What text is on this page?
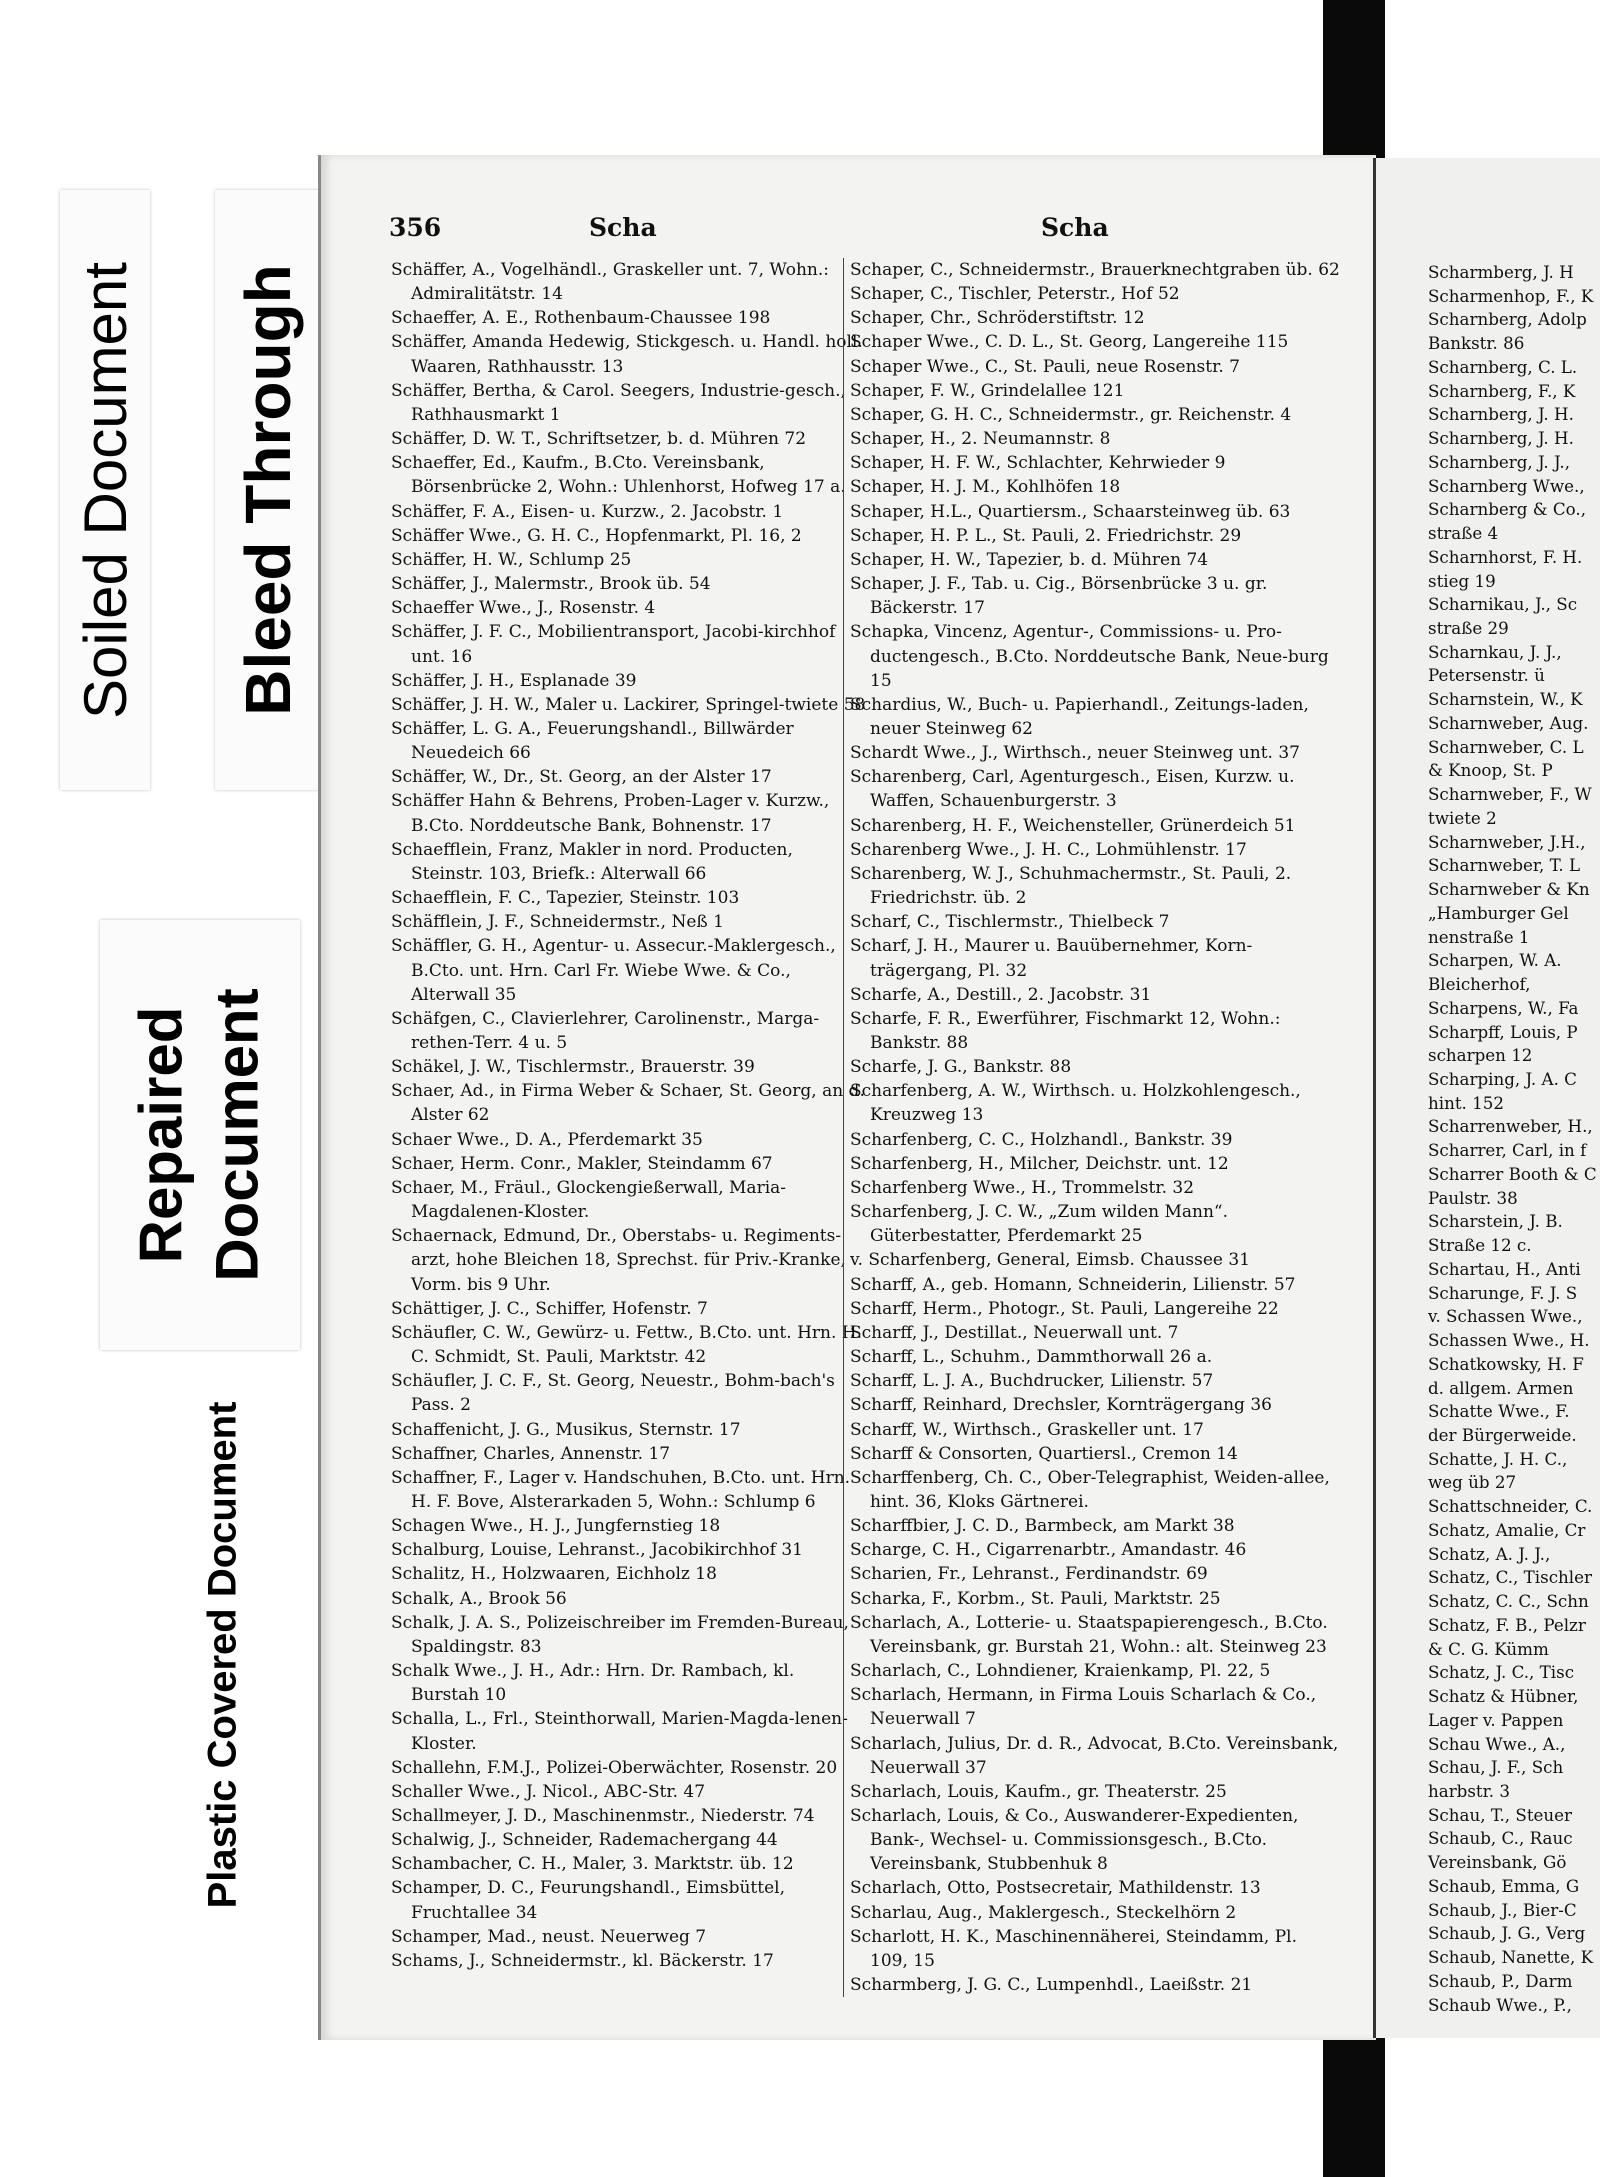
Soiled Document Bleed Through
Repaired Document
Plastic Covered Document
356	Scha	Scha
Schäffer, A., Vogelhändl., Graskeller unt. 7, Wohn.: Admiralitätstr. 14
Schaeffer, A. E., Rothenbaum-Chaussee 198
Schäffer, Amanda Hedewig, Stickgesch. u. Handl. holl. Waaren, Rathhausstr. 13
Schäffer, Bertha, & Carol. Seegers, Industrie-gesch., Rathhausmarkt 1
Schäffer, D. W. T., Schriftsetzer, b. d. Mühren 72
Schaeffer, Ed., Kaufm., B.Cto. Vereinsbank, Börsenbrücke 2, Wohn.: Uhlenhorst, Hofweg 17 a.
Schäffer, F. A., Eisen- u. Kurzw., 2. Jacobstr. 1
Schäffer Wwe., G. H. C., Hopfenmarkt, Pl. 16, 2
Schäffer, H. W., Schlump 25
Schäffer, J., Malermstr., Brook üb. 54
Schaeffer Wwe., J., Rosenstr. 4
Schäffer, J. F. C., Mobilientransport, Jacobi-kirchhof unt. 16
Schäffer, J. H., Esplanade 39
Schäffer, J. H. W., Maler u. Lackirer, Springel-twiete 58
Schäffer, L. G. A., Feuerungshandl., Billwärder Neuedeich 66
Schäffer, W., Dr., St. Georg, an der Alster 17
Schäffer Hahn & Behrens, Proben-Lager v. Kurzw., B.Cto. Norddeutsche Bank, Bohnenstr. 17
Schaefflein, Franz, Makler in nord. Producten, Steinstr. 103, Briefk.: Alterwall 66
Schaefflein, F. C., Tapezier, Steinstr. 103
Schäfflein, J. F., Schneidermstr., Neß 1
Schäffler, G. H., Agentur- u. Assecur.-Maklergesch., B.Cto. unt. Hrn. Carl Fr. Wiebe Wwe. & Co., Alterwall 35
Schäfgen, C., Clavierlehrer, Carolinenstr., Marga-rethen-Terr. 4 u. 5
Schäkel, J. W., Tischlermstr., Brauerstr. 39
Schaer, Ad., in Firma Weber & Schaer, St. Georg, an d. Alster 62
Schaer Wwe., D. A., Pferdemarkt 35
Schaer, Herm. Conr., Makler, Steindamm 67
Schaer, M., Fräul., Glockengießerwall, Maria-Magdalenen-Kloster.
Schaernack, Edmund, Dr., Oberstabs- u. Regiments-arzt, hohe Bleichen 18, Sprechst. für Priv.-Kranke, Vorm. bis 9 Uhr.
Schättiger, J. C., Schiffer, Hofenstr. 7
Schäufler, C. W., Gewürz- u. Fettw., B.Cto. unt. Hrn. H. C. Schmidt, St. Pauli, Marktstr. 42
Schäufler, J. C. F., St. Georg, Neuestr., Bohm-bach's Pass. 2
Schaffenicht, J. G., Musikus, Sternstr. 17
Schaffner, Charles, Annenstr. 17
Schaffner, F., Lager v. Handschuhen, B.Cto. unt. Hrn. H. F. Bove, Alsterarkaden 5, Wohn.: Schlump 6
Schagen Wwe., H. J., Jungfernstieg 18
Schalburg, Louise, Lehranst., Jacobikirchhof 31
Schalitz, H., Holzwaaren, Eichholz 18
Schalk, A., Brook 56
Schalk, J. A. S., Polizeischreiber im Fremden-Bureau, Spaldingstr. 83
Schalk Wwe., J. H., Adr.: Hrn. Dr. Rambach, kl. Burstah 10
Schalla, L., Frl., Steinthorwall, Marien-Magda-lenen-Kloster.
Schallehn, F.M.J., Polizei-Oberwächter, Rosenstr. 20
Schaller Wwe., J. Nicol., ABC-Str. 47
Schallmeyer, J. D., Maschinenmstr., Niederstr. 74
Schalwig, J., Schneider, Rademachergang 44
Schambacher, C. H., Maler, 3. Marktstr. üb. 12
Schamper, D. C., Feurungshandl., Eimsbüttel, Fruchtallee 34
Schamper, Mad., neust. Neuerweg 7
Schams, J., Schneidermstr., kl. Bäckerstr. 17
Schaper, C., Schneidermstr., Brauerknechtgraben üb. 62
Schaper, C., Tischler, Peterstr., Hof 52
Schaper, Chr., Schröderstiftstr. 12
Schaper Wwe., C. D. L., St. Georg, Langereihe 115
Schaper Wwe., C., St. Pauli, neue Rosenstr. 7
Schaper, F. W., Grindelallee 121
Schaper, G. H. C., Schneidermstr., gr. Reichenstr. 4
Schaper, H., 2. Neumannstr. 8
Schaper, H. F. W., Schlachter, Kehrwieder 9
Schaper, H. J. M., Kohlhöfen 18
Schaper, H.L., Quartiersm., Schaarsteinweg üb. 63
Schaper, H. P. L., St. Pauli, 2. Friedrichstr. 29
Schaper, H. W., Tapezier, b. d. Mühren 74
Schaper, J. F., Tab. u. Cig., Börsenbrücke 3 u. gr. Bäckerstr. 17
Schapka, Vincenz, Agentur-, Commissions- u. Pro-ductengesch., B.Cto. Norddeutsche Bank, Neue-burg 15
Schardius, W., Buch- u. Papierhandl., Zeitungs-laden, neuer Steinweg 62
Schardt Wwe., J., Wirthsch., neuer Steinweg unt. 37
Scharenberg, Carl, Agenturgesch., Eisen, Kurzw. u. Waffen, Schauenburgerstr. 3
Scharenberg, H. F., Weichensteller, Grünerdeich 51
Scharenberg Wwe., J. H. C., Lohmühlenstr. 17
Scharenberg, W. J., Schuhmachermstr., St. Pauli, 2. Friedrichstr. üb. 2
Scharf, C., Tischlermstr., Thielbeck 7
Scharf, J. H., Maurer u. Bauübernehmer, Korn-trägergang, Pl. 32
Scharfe, A., Destill., 2. Jacobstr. 31
Scharfe, F. R., Ewerführer, Fischmarkt 12, Wohn.: Bankstr. 88
Scharfe, J. G., Bankstr. 88
Scharfenberg, A. W., Wirthsch. u. Holzkohlengesch., Kreuzweg 13
Scharfenberg, C. C., Holzhandl., Bankstr. 39
Scharfenberg, H., Milcher, Deichstr. unt. 12
Scharfenberg Wwe., H., Trommelstr. 32
Scharfenberg, J. C. W., „Zum wilden Mann“. Güterbestatter, Pferdemarkt 25
v. Scharfenberg, General, Eimsb. Chaussee 31
Scharff, A., geb. Homann, Schneiderin, Lilienstr. 57
Scharff, Herm., Photogr., St. Pauli, Langereihe 22
Scharff, J., Destillat., Neuerwall unt. 7
Scharff, L., Schuhm., Dammthorwall 26 a.
Scharff, L. J. A., Buchdrucker, Lilienstr. 57
Scharff, Reinhard, Drechsler, Kornträgergang 36
Scharff, W., Wirthsch., Graskeller unt. 17
Scharff & Consorten, Quartiersl., Cremon 14
Scharffenberg, Ch. C., Ober-Telegraphist, Weiden-allee, hint. 36, Kloks Gärtnerei.
Scharffbier, J. C. D., Barmbeck, am Markt 38
Scharge, C. H., Cigarrenarbtr., Amandastr. 46
Scharien, Fr., Lehranst., Ferdinandstr. 69
Scharka, F., Korbm., St. Pauli, Marktstr. 25
Scharlach, A., Lotterie- u. Staatspapierengesch., B.Cto. Vereinsbank, gr. Burstah 21, Wohn.: alt. Steinweg 23
Scharlach, C., Lohndiener, Kraienkamp, Pl. 22, 5
Scharlach, Hermann, in Firma Louis Scharlach & Co., Neuerwall 7
Scharlach, Julius, Dr. d. R., Advocat, B.Cto. Vereinsbank, Neuerwall 37
Scharlach, Louis, Kaufm., gr. Theaterstr. 25
Scharlach, Louis, & Co., Auswanderer-Expedienten, Bank-, Wechsel- u. Commissionsgesch., B.Cto. Vereinsbank, Stubbenhuk 8
Scharlach, Otto, Postsecretair, Mathildenstr. 13
Scharlau, Aug., Maklergesch., Steckelhörn 2
Scharlott, H. K., Maschinennäherei, Steindamm, Pl. 109, 15
Scharmberg, J. G. C., Lumpenhdl., Laeißstr. 21
Scharmberg, J. H
Scharmenhop, F., K
Scharnberg, Adolp
Bankstr. 86
Scharnberg, C. L.
Scharnberg, F., K
Scharnberg, J. H.
Scharnberg, J. H.
Scharnberg, J. J.,
Scharnberg Wwe.,
Scharnberg & Co.,
straße 4
Scharnhorst, F. H.
stieg 19
Scharnikau, J., Sc
straße 29
Scharnkau, J. J.,
Petersenstr. ü
Scharnstein, W., K
Scharnweber, Aug.
Scharnweber, C. L
& Knoop, St. P
Scharnweber, F., W
twiete 2
Scharnweber, J.H.,
Scharnweber, T. L
Scharnweber & Kn
„Hamburger Gel
nenstraße 1
Scharpen, W. A.
Bleicherhof,
Scharpens, W., Fa
Scharpff, Louis, P
scharpen 12
Scharping, J. A. C
hint. 152
Scharrenweber, H.,
Scharrer, Carl, in f
Scharrer Booth & C
Paulstr. 38
Scharstein, J. B.
Straße 12 c.
Schartau, H., Anti
Scharunge, F. J. S
v. Schassen Wwe.,
Schassen Wwe., H.
Schatkowsky, H. F
d. allgem. Armen
Schatte Wwe., F.
der Bürgerweide.
Schatte, J. H. C.,
weg üb 27
Schattschneider, C.
Schatz, Amalie, Cr
Schatz, A. J. J.,
Schatz, C., Tischler
Schatz, C. C., Schn
Schatz, F. B., Pelzr
& C. G. Kümm
Schatz, J. C., Tisc
Schatz & Hübner,
Lager v. Pappen
Schau Wwe., A.,
Schau, J. F., Sch
harbstr. 3
Schau, T., Steuer
Schaub, C., Rauc
Vereinsbank, Gö
Schaub, Emma, G
Schaub, J., Bier-C
Schaub, J. G., Verg
Schaub, Nanette, K
Schaub, P., Darm
Schaub Wwe., P.,
